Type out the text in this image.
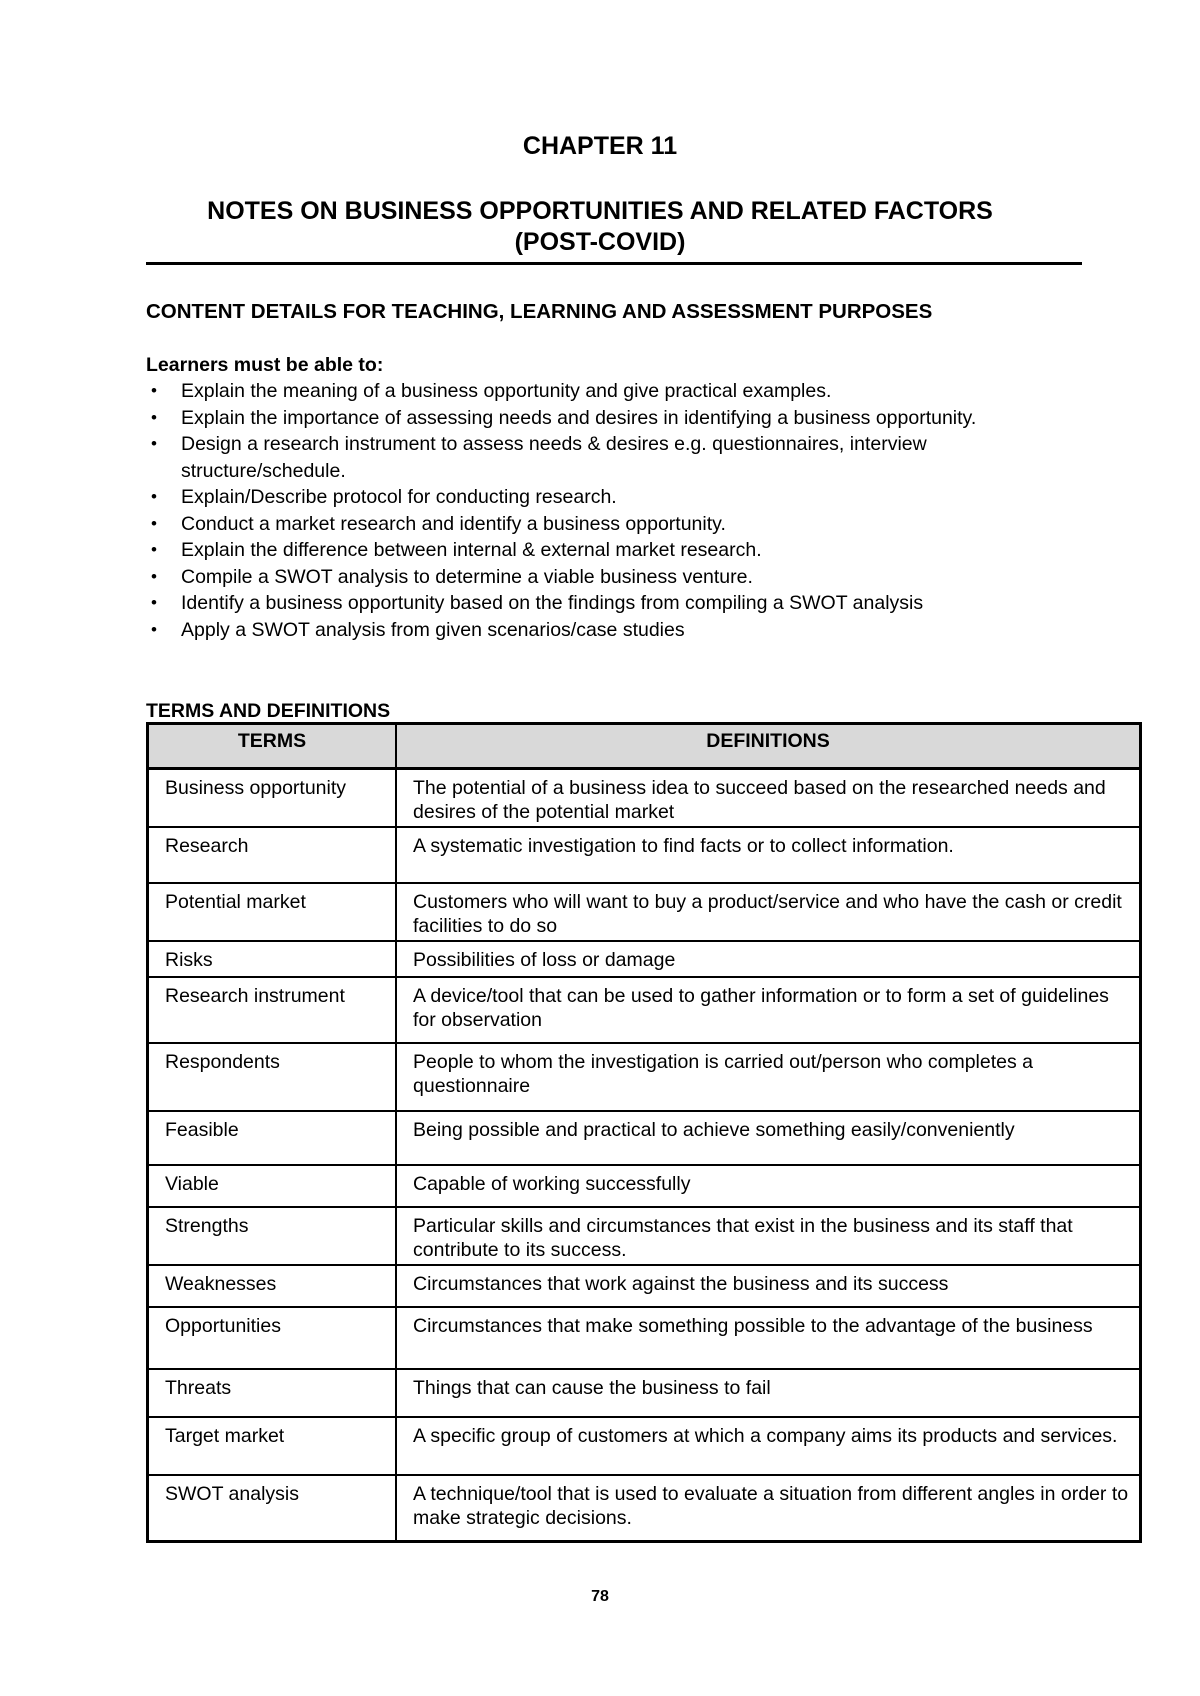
CHAPTER 11
NOTES ON BUSINESS OPPORTUNITIES AND RELATED FACTORS
(POST-COVID)
CONTENT DETAILS FOR TEACHING, LEARNING AND ASSESSMENT PURPOSES
Learners must be able to:
• Explain the meaning of a business opportunity and give practical examples.
• Explain the importance of assessing needs and desires in identifying a business opportunity.
• Design a research instrument to assess needs & desires e.g. questionnaires, interview structure/schedule.
• Explain/Describe protocol for conducting research.
• Conduct a market research and identify a business opportunity.
• Explain the difference between internal & external market research.
• Compile a SWOT analysis to determine a viable business venture.
• Identify a business opportunity based on the findings from compiling a SWOT analysis
• Apply a SWOT analysis from given scenarios/case studies
TERMS AND DEFINITIONS
TERMS	DEFINITIONS
Business opportunity	The potential of a business idea to succeed based on the researched needs and desires of the potential market
Research	A systematic investigation to find facts or to collect information.
Potential market	Customers who will want to buy a product/service and who have the cash or credit facilities to do so
Risks	Possibilities of loss or damage
Research instrument	A device/tool that can be used to gather information or to form a set of guidelines for observation
Respondents	People to whom the investigation is carried out/person who completes a questionnaire
Feasible	Being possible and practical to achieve something easily/conveniently
Viable	Capable of working successfully
Strengths	Particular skills and circumstances that exist in the business and its staff that contribute to its success.
Weaknesses	Circumstances that work against the business and its success
Opportunities	Circumstances that make something possible to the advantage of the business
Threats	Things that can cause the business to fail
Target market	A specific group of customers at which a company aims its products and services.
SWOT analysis	A technique/tool that is used to evaluate a situation from different angles in order to make strategic decisions.
78
